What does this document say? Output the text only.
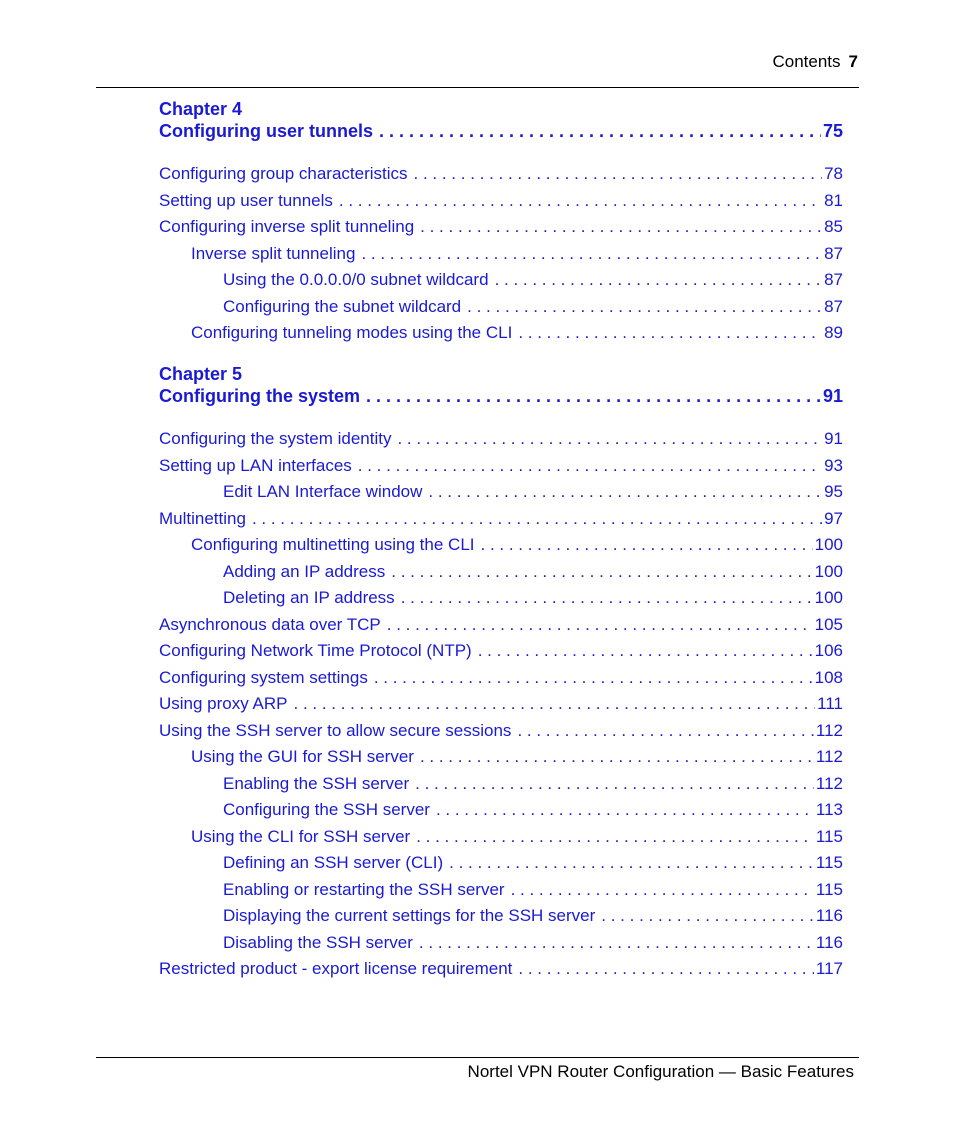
Contents 7
Chapter 4
Configuring user tunnels . . .	75
Configuring group characteristics . . .	78
Setting up user tunnels . . .	81
Configuring inverse split tunneling . . .	85
Inverse split tunneling . . .	87
Using the 0.0.0.0/0 subnet wildcard . . .	87
Configuring the subnet wildcard . . .	87
Configuring tunneling modes using the CLI . . .	89
Chapter 5
Configuring the system . . .	91
Configuring the system identity . . .	91
Setting up LAN interfaces . . .	93
Edit LAN Interface window . . .	95
Multinetting . . .	97
Configuring multinetting using the CLI . . .	100
Adding an IP address . . .	100
Deleting an IP address . . .	100
Asynchronous data over TCP . . .	105
Configuring Network Time Protocol (NTP) . . .	106
Configuring system settings . . .	108
Using proxy ARP . . .	111
Using the SSH server to allow secure sessions . . .	112
Using the GUI for SSH server . . .	112
Enabling the SSH server . . .	112
Configuring the SSH server . . .	113
Using the CLI for SSH server . . .	115
Defining an SSH server (CLI) . . .	115
Enabling or restarting the SSH server . . .	115
Displaying the current settings for the SSH server . . .	116
Disabling the SSH server . . .	116
Restricted product - export license requirement . . .	117
Nortel VPN Router Configuration — Basic Features
